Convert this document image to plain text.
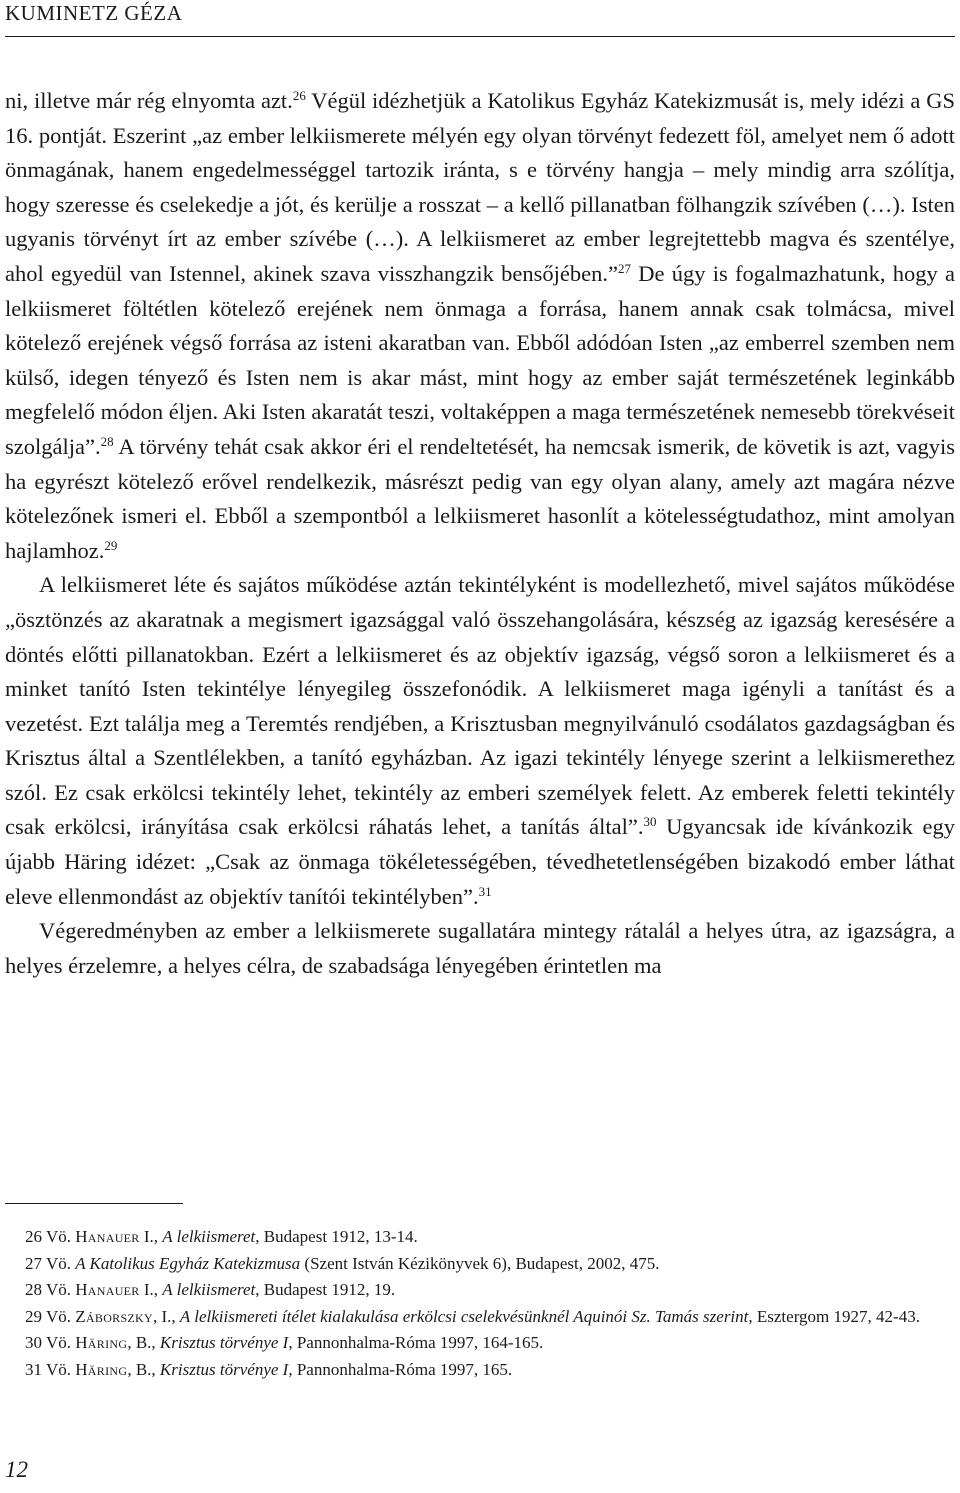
KUMINETZ GÉZA

ni, illetve már rég elnyomta azt.$^{26}$ Végül idézhetjük a Katolikus Egyház Katekizmusát is, mely idézi a GS 16. pontját. Eszerint „az ember lelkiismerete mélyén egy olyan törvényt fedezett föl, amelyet nem ő adott önmagának, hanem engedelmességgel tartozik iránta, s e törvény hangja – mely mindig arra szólítja, hogy szeresse és cselekedje a jót, és kerülje a rosszat – a kellő pillanatban fölhangzik szívében (…). Isten ugyanis törvényt írt az ember szívébe (…). A lelkiismeret az ember legrejtettebb magva és szentélye, ahol egyedül van Istennel, akinek szava visszhangzik bensőjében.”$^{27}$ De úgy is fogalmazhatunk, hogy a lelkiismeret föltétlen kötelező erejének nem önmaga a forrása, hanem annak csak tolmácsa, mivel kötelező erejének végső forrása az isteni akaratban van. Ebből adódóan Isten „az emberrel szemben nem külső, idegen tényező és Isten nem is akar mást, mint hogy az ember saját természetének leginkább megfelelő módon éljen. Aki Isten akaratát teszi, voltaképpen a maga természetének nemesebb törekvéseit szolgálja”.$^{28}$ A törvény tehát csak akkor éri el rendeltetését, ha nemcsak ismerik, de követik is azt, vagyis ha egyrészt kötelező erővel rendelkezik, másrészt pedig van egy olyan alany, amely azt magára nézve kötelezőnek ismeri el. Ebből a szempontból a lelkiismeret hasonlít a kötelességtudathoz, mint amolyan hajlamhoz.$^{29}$

A lelkiismeret léte és sajátos működése aztán tekintélyként is modellezhető, mivel sajátos működése „ösztönzés az akaratnak a megismert igazsággal való összehangolására, készség az igazság keresésére a döntés előtti pillanatokban. Ezért a lelkiismeret és az objektív igazság, végső soron a lelkiismeret és a minket tanító Isten tekintélye lényegileg összefonódik. A lelkiismeret maga igényli a tanítást és a vezetést. Ezt találja meg a Teremtés rendjében, a Krisztusban megnyilvánuló csodálatos gazdagságban és Krisztus által a Szentlélekben, a tanító egyházban. Az igazi tekintély lényege szerint a lelkiismerethez szól. Ez csak erkölcsi tekintély lehet, tekintély az emberi személyek felett. Az emberek feletti tekintély csak erkölcsi, irányítása csak erkölcsi ráhatás lehet, a tanítás által”.$^{30}$ Ugyancsak ide kívánkozik egy újabb Häring idézet: „Csak az önmaga tökéletességében, tévedhetetlenségében bizakodó ember láthat eleve ellenmondást az objektív tanítói tekintélyben”.$^{31}$

Végeredményben az ember a lelkiismerete sugallatára mintegy rátalál a helyes útra, az igazságra, a helyes érzelemre, a helyes célra, de szabadsága lényegében érintetlen ma

26 Vö. Hanauer I., A lelkiismeret, Budapest 1912, 13-14.

27 Vö. A Katolikus Egyház Katekizmusa (Szent István Kézikönyvek 6), Budapest, 2002, 475.

28 Vö. Hanauer I., A lelkiismeret, Budapest 1912, 19.

29 Vö. Záborszky, I., A lelkiismereti ítélet kialakulása erkölcsi cselekvésünknél Aquinói Sz. Tamás szerint, Esztergom 1927, 42-43.

30 Vö. Häring, B., Krisztus törvénye I, Pannonhalma-Róma 1997, 164-165.

31 Vö. Häring, B., Krisztus törvénye I, Pannonhalma-Róma 1997, 165.

12
